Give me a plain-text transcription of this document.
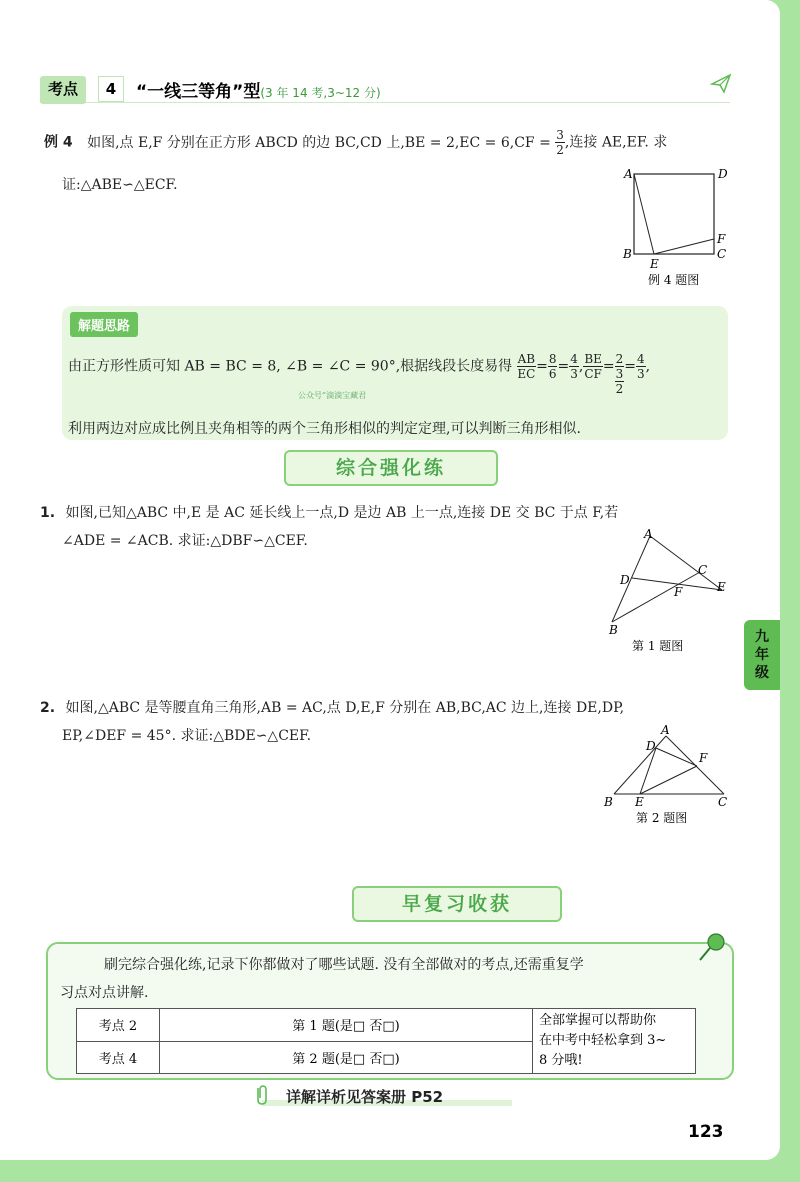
考点	4	“一线三等角”型(3 年 14 考,3~12 分)
例 4 如图,点 E,F 分别在正方形 ABCD 的边 BC,CD 上$,BE = 2,EC = 6,CF = \frac{3}{2}$ ,连接 AE,EF. 求
证:△ABE∽△ECF.
A	D
B	C
E
F
例 4 题图
解题思路
由正方形性质可知 AB = BC = 8, ∠B = ∠C = 90°,根据线段长度易得 $\frac{AB}{EC} = \frac{8}{6} = \frac{4}{3}$ , $\frac{BE}{CF} = 2$
3
2
= $\frac{4}{3}$ ,
公众号“滴滴宝藏君
利用两边对应成比例且夹角相等的两个三角形相似的判定定理,可以判断三角形相似.
综合强化练
1. 如图,已知△ABC 中,E 是 AC 延长线上一点,D 是边 AB 上一点,连接 DE 交 BC 于点 F,若
∠ADE = ∠ACB. 求证:△DBF∽△CEF.	A
D
C
E
F
B
第 1 题图
九
年
级
2. 如图,△ABC 是等腰直角三角形,AB = AC,点 D,E,F 分别在 AB,BC,AC 边上,连接 DE,DP,
EP,∠DEF = 45°. 求证:△BDE∽△CEF.	A
D
F
B E	C
第 2 题图
早复习收获
刷完综合强化练,记录下你都做对了哪些试题. 没有全部做对的考点,还需重复学
习点对点讲解.
考点 2	第 1 题(是□ 否□)	全部掌握可以帮助你
在中考中轻松拿到 3~
8 分哦!

考点 4	第 2 题(是□ 否□)	
详解详析见答案册 P52
123
